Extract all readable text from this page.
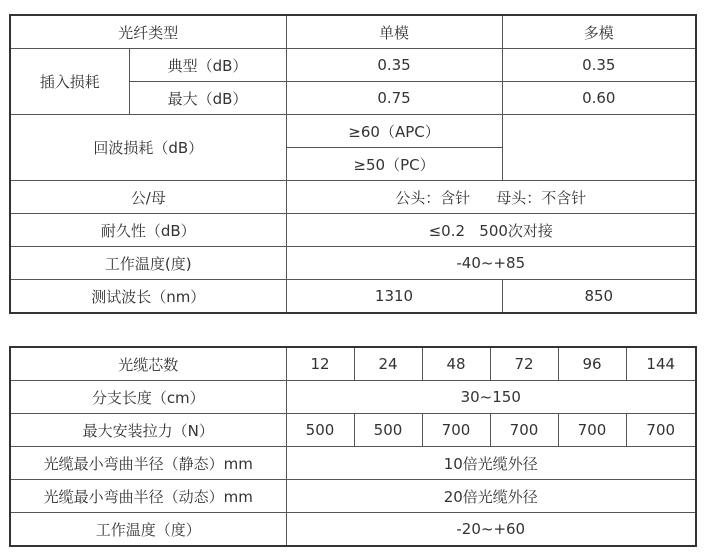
光纤类型		单模	多模
插入损耗	典型（dB）	0.35	0.35
	最大（dB）	0.75	0.60
回波损耗（dB）		≥60（APC）	
		≥50（PC）	
公/母		公头：含针 母头：不含针	
耐久性（dB）		≤0.2   500次对接	
工作温度(度)		-40~+85	
测试波长（nm）		1310	850
光缆芯数	12	24	48	72	96	144
分支长度（cm）	30~150					
最大安装拉力（N）	500	500	700	700	700	700
光缆最小弯曲半径（静态）mm	10倍光缆外径					
光缆最小弯曲半径（动态）mm	20倍光缆外径					
工作温度（度）	-20~+60					
